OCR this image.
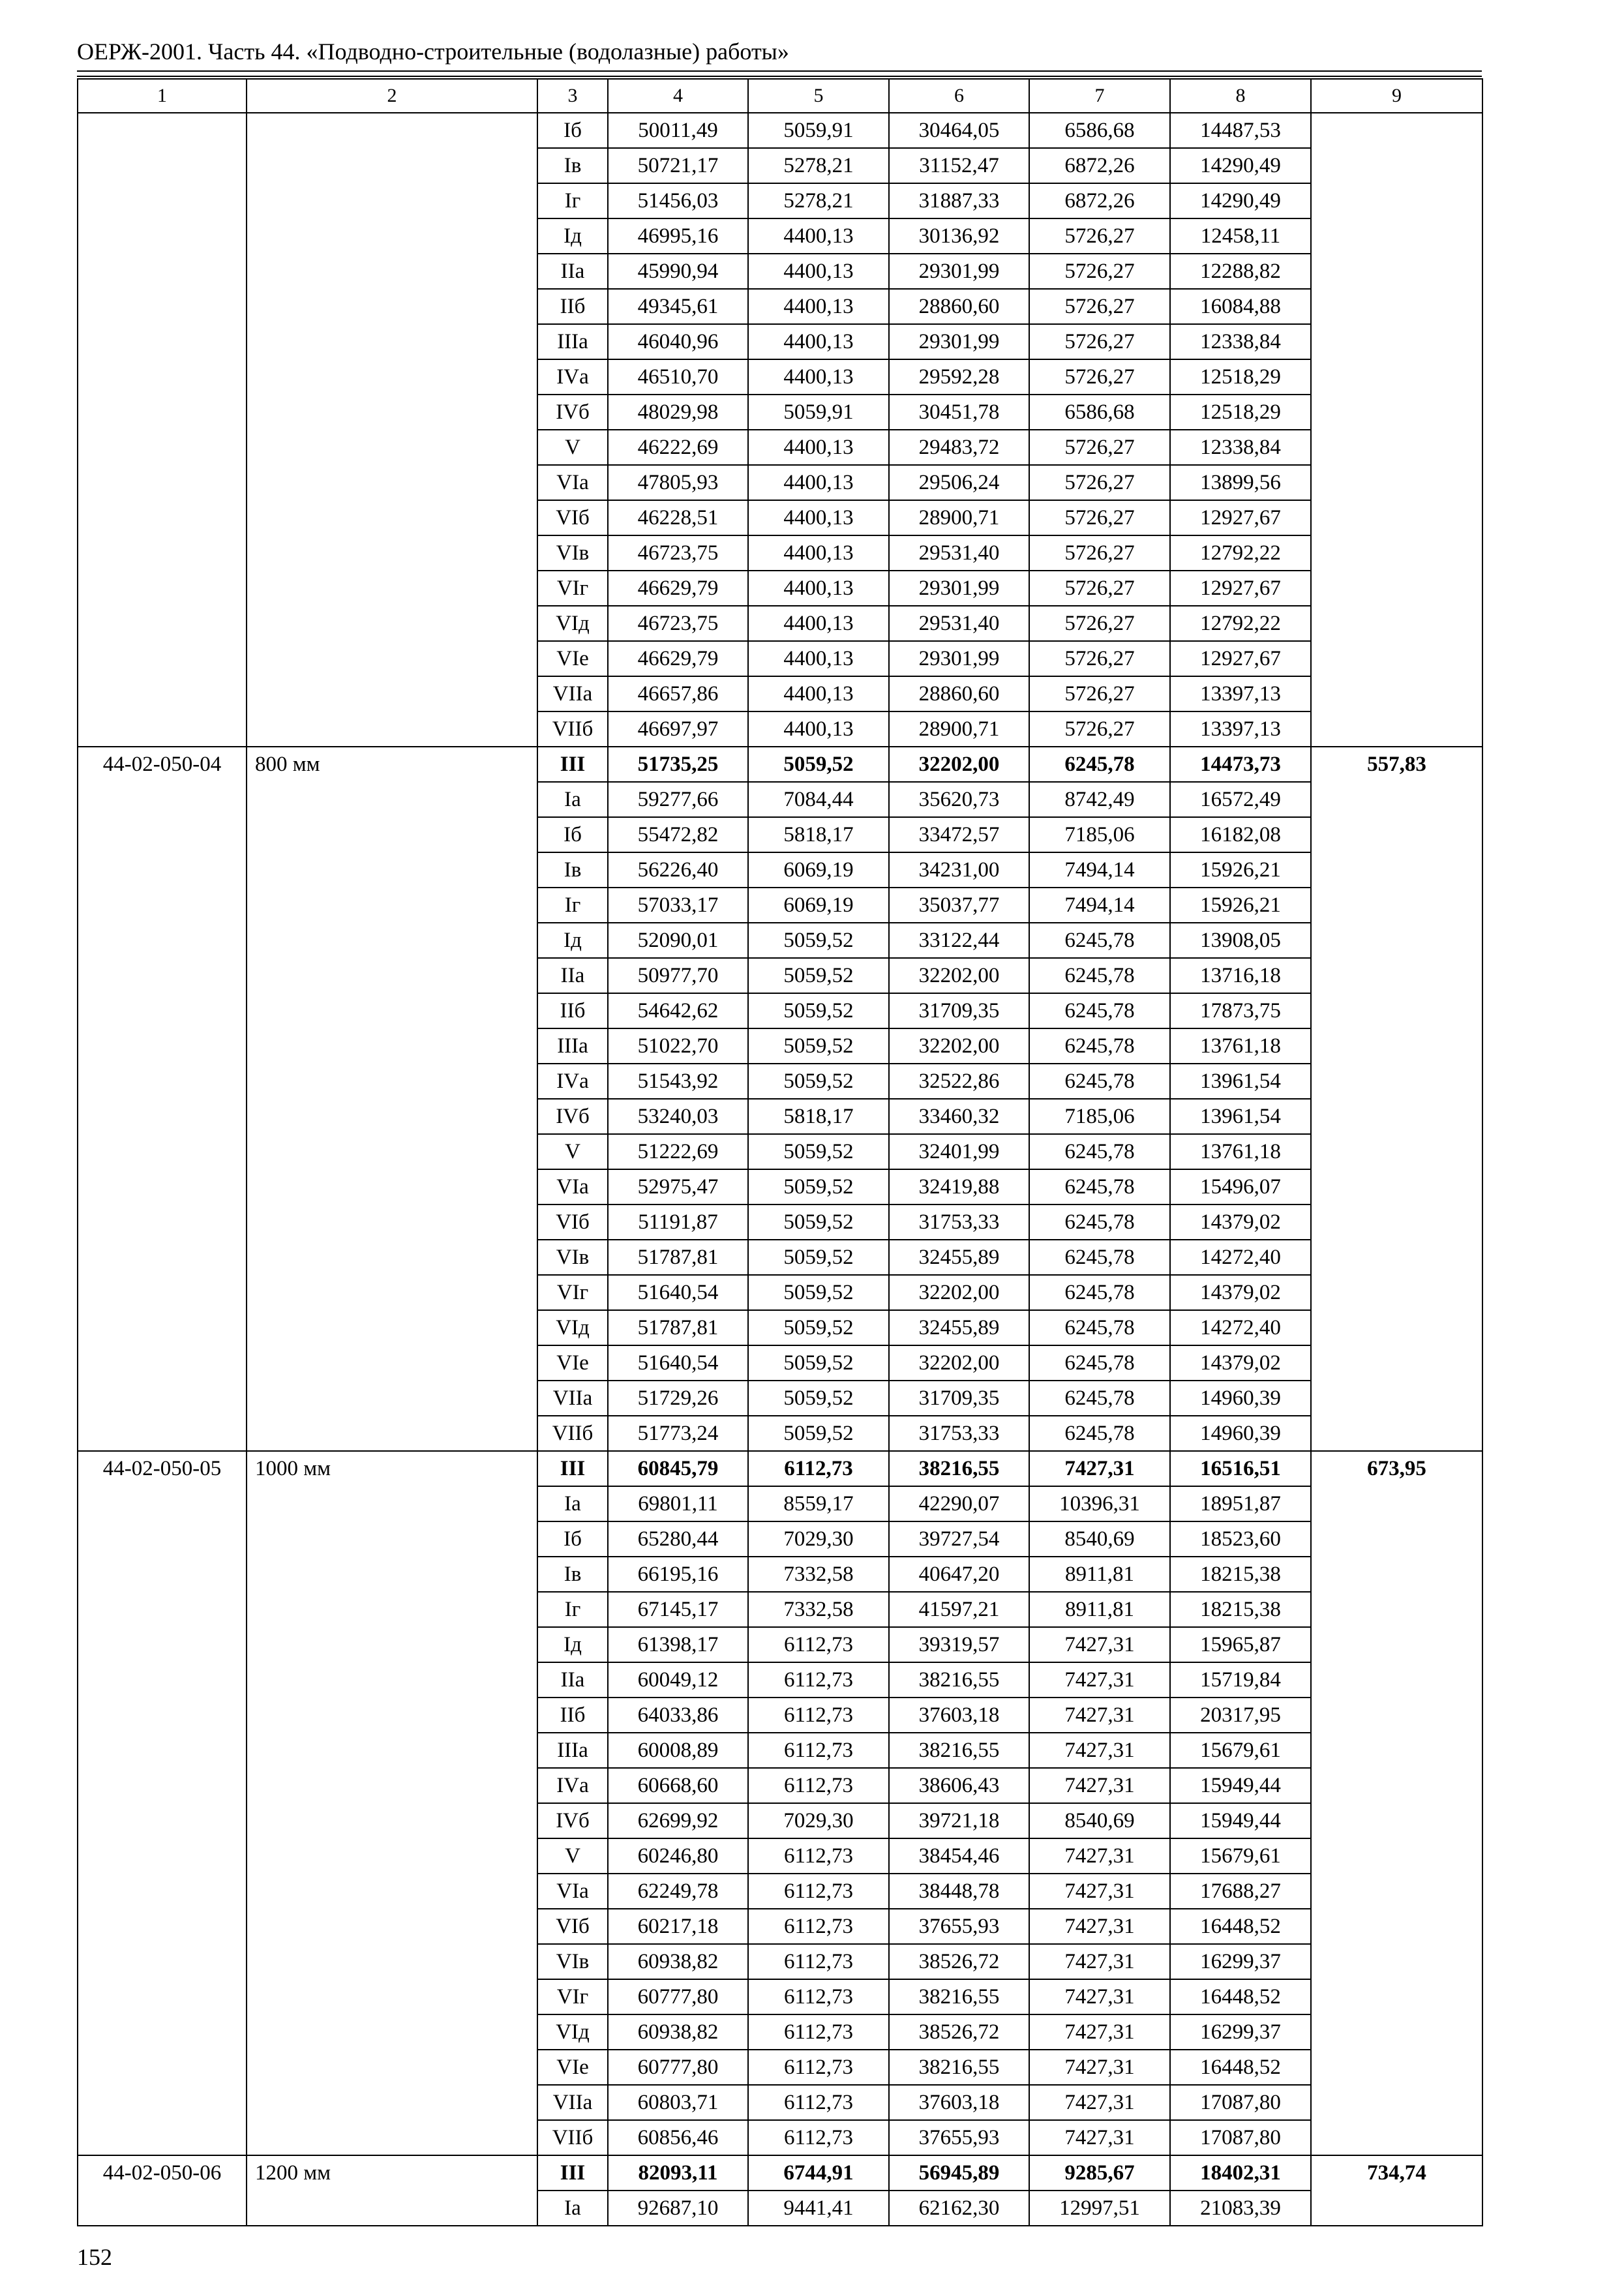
ОЕРЖ-2001. Часть 44. «Подводно-строительные (водолазные) работы»
1	2	3	4	5	6	7	8	9
		Iб	50011,49	5059,91	30464,05	6586,68	14487,53	
		Iв	50721,17	5278,21	31152,47	6872,26	14290,49	
		Iг	51456,03	5278,21	31887,33	6872,26	14290,49	
		Iд	46995,16	4400,13	30136,92	5726,27	12458,11	
		IIа	45990,94	4400,13	29301,99	5726,27	12288,82	
		IIб	49345,61	4400,13	28860,60	5726,27	16084,88	
		IIIа	46040,96	4400,13	29301,99	5726,27	12338,84	
		IVа	46510,70	4400,13	29592,28	5726,27	12518,29	
		IVб	48029,98	5059,91	30451,78	6586,68	12518,29	
		V	46222,69	4400,13	29483,72	5726,27	12338,84	
		VIа	47805,93	4400,13	29506,24	5726,27	13899,56	
		VIб	46228,51	4400,13	28900,71	5726,27	12927,67	
		VIв	46723,75	4400,13	29531,40	5726,27	12792,22	
		VIг	46629,79	4400,13	29301,99	5726,27	12927,67	
		VIд	46723,75	4400,13	29531,40	5726,27	12792,22	
		VIе	46629,79	4400,13	29301,99	5726,27	12927,67	
		VIIа	46657,86	4400,13	28860,60	5726,27	13397,13	
		VIIб	46697,97	4400,13	28900,71	5726,27	13397,13	
44-02-050-04	800 мм	III	51735,25	5059,52	32202,00	6245,78	14473,73	557,83
		Iа	59277,66	7084,44	35620,73	8742,49	16572,49	
		Iб	55472,82	5818,17	33472,57	7185,06	16182,08	
		Iв	56226,40	6069,19	34231,00	7494,14	15926,21	
		Iг	57033,17	6069,19	35037,77	7494,14	15926,21	
		Iд	52090,01	5059,52	33122,44	6245,78	13908,05	
		IIа	50977,70	5059,52	32202,00	6245,78	13716,18	
		IIб	54642,62	5059,52	31709,35	6245,78	17873,75	
		IIIа	51022,70	5059,52	32202,00	6245,78	13761,18	
		IVа	51543,92	5059,52	32522,86	6245,78	13961,54	
		IVб	53240,03	5818,17	33460,32	7185,06	13961,54	
		V	51222,69	5059,52	32401,99	6245,78	13761,18	
		VIа	52975,47	5059,52	32419,88	6245,78	15496,07	
		VIб	51191,87	5059,52	31753,33	6245,78	14379,02	
		VIв	51787,81	5059,52	32455,89	6245,78	14272,40	
		VIг	51640,54	5059,52	32202,00	6245,78	14379,02	
		VIд	51787,81	5059,52	32455,89	6245,78	14272,40	
		VIе	51640,54	5059,52	32202,00	6245,78	14379,02	
		VIIа	51729,26	5059,52	31709,35	6245,78	14960,39	
		VIIб	51773,24	5059,52	31753,33	6245,78	14960,39	
44-02-050-05	1000 мм	III	60845,79	6112,73	38216,55	7427,31	16516,51	673,95
		Iа	69801,11	8559,17	42290,07	10396,31	18951,87	
		Iб	65280,44	7029,30	39727,54	8540,69	18523,60	
		Iв	66195,16	7332,58	40647,20	8911,81	18215,38	
		Iг	67145,17	7332,58	41597,21	8911,81	18215,38	
		Iд	61398,17	6112,73	39319,57	7427,31	15965,87	
		IIа	60049,12	6112,73	38216,55	7427,31	15719,84	
		IIб	64033,86	6112,73	37603,18	7427,31	20317,95	
		IIIа	60008,89	6112,73	38216,55	7427,31	15679,61	
		IVа	60668,60	6112,73	38606,43	7427,31	15949,44	
		IVб	62699,92	7029,30	39721,18	8540,69	15949,44	
		V	60246,80	6112,73	38454,46	7427,31	15679,61	
		VIа	62249,78	6112,73	38448,78	7427,31	17688,27	
		VIб	60217,18	6112,73	37655,93	7427,31	16448,52	
		VIв	60938,82	6112,73	38526,72	7427,31	16299,37	
		VIг	60777,80	6112,73	38216,55	7427,31	16448,52	
		VIд	60938,82	6112,73	38526,72	7427,31	16299,37	
		VIе	60777,80	6112,73	38216,55	7427,31	16448,52	
		VIIа	60803,71	6112,73	37603,18	7427,31	17087,80	
		VIIб	60856,46	6112,73	37655,93	7427,31	17087,80	
44-02-050-06	1200 мм	III	82093,11	6744,91	56945,89	9285,67	18402,31	734,74
		Iа	92687,10	9441,41	62162,30	12997,51	21083,39	
152
